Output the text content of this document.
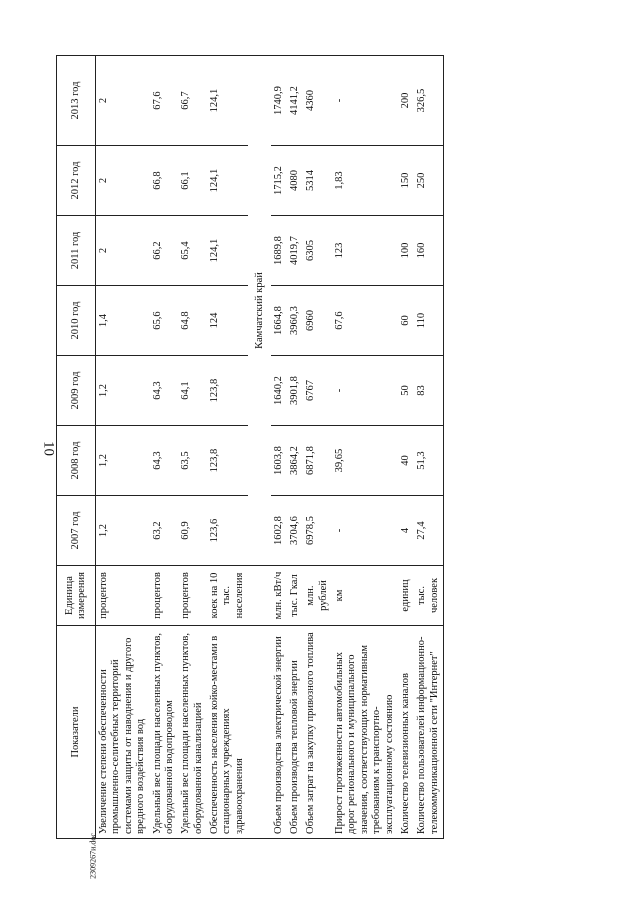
10
2309267и.doc
Показатели	Единица измерения	2007 год	2008 год	2009 год	2010 год	2011 год	2012 год	2013 год
Увеличение степени обеспеченности промышленно-селитебных территорий системами защиты от наводнения и другого вредного воздействия вод	процентов	1,2	1,2	1,2	1,4	2	2	2
Удельный вес площади населенных пунктов, оборудованной водопроводом	процентов	63,2	64,3	64,3	65,6	66,2	66,8	67,6
Удельный вес площади населенных пунктов, оборудованной канализацией	процентов	60,9	63,5	64,1	64,8	65,4	66,1	66,7
Обеспеченность населения койко-местами в стационарных учреждениях здравоохранения	коек на 10 тыс. населения	123,6	123,8	123,8	124	124,1	124,1	124,1
		Камчатский край						
Объем производства электрической энергии	млн. кВт/ч	1602,8	1603,8	1640,2	1664,8	1689,8	1715,2	1740,9
Объем производства тепловой энергии	тыс. Гкал	3704,6	3864,2	3901,8	3960,3	4019,7	4080	4141,2
Объем затрат на закупку привозного топлива	млн. рублей	6978,5	6871,8	6767	6960	6305	5314	4360
Прирост протяженности автомобильных дорог регионального и муниципального значения, соответствующих нормативным требованиям к транспортно-эксплуатационному состоянию	км	-	39,65	-	67,6	123	1,83	-
Количество телевизионных каналов	единиц	4	40	50	60	100	150	200
Количество пользователей информационно-телекоммуникационной сети "Интернет"	тыс. человек	27,4	51,3	83	110	160	250	326,5
